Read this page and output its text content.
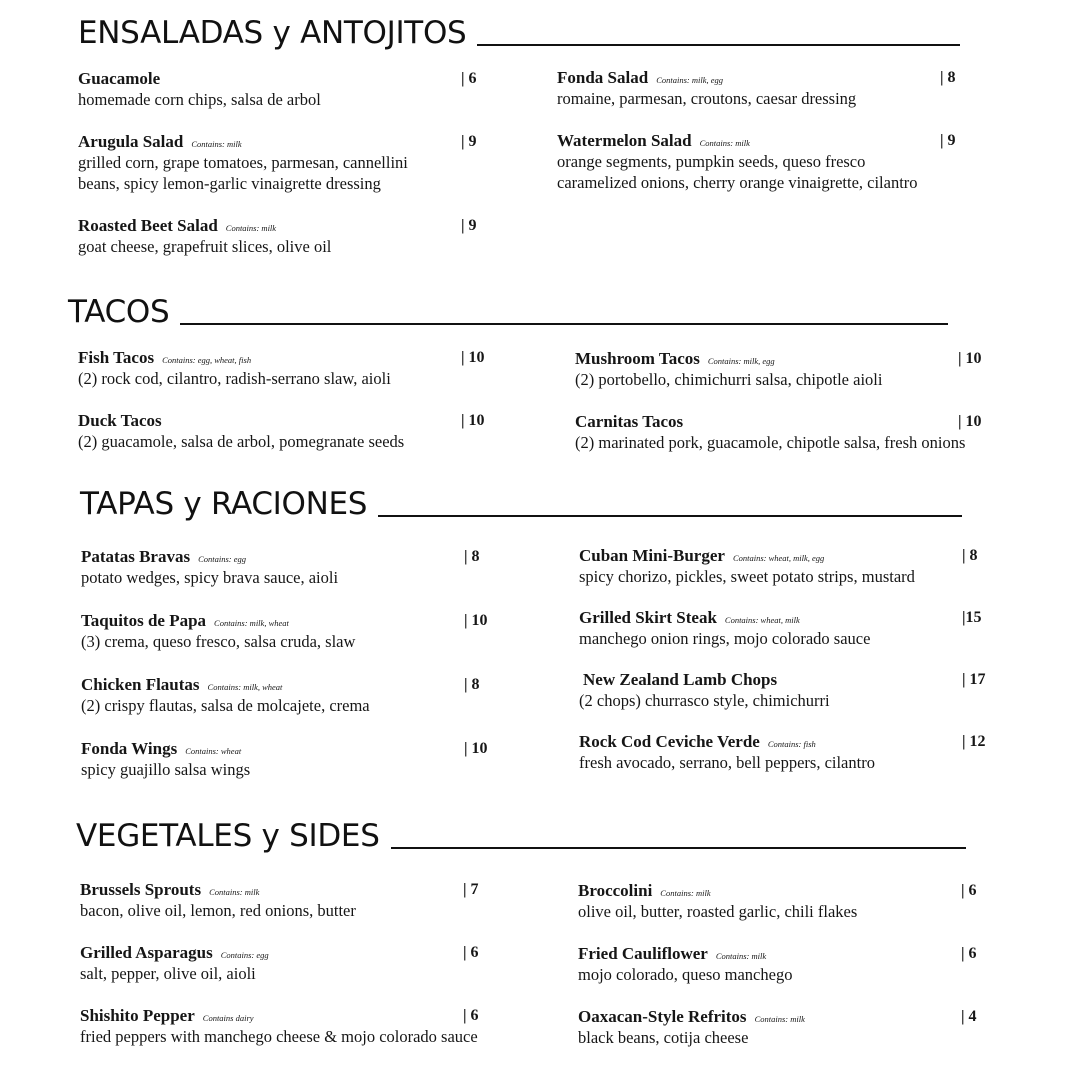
ENSALADAS y ANTOJITOS
Guacamole	| 6
homemade corn chips, salsa de arbol
Arugula Salad Contains: milk	| 9
grilled corn, grape tomatoes, parmesan, cannellini
beans, spicy lemon-garlic vinaigrette dressing
Roasted Beet Salad Contains: milk	| 9
goat cheese, grapefruit slices, olive oil
Fonda Salad Contains: milk, egg	| 8
romaine, parmesan, croutons, caesar dressing
Watermelon Salad Contains: milk	| 9
orange segments, pumpkin seeds, queso fresco
caramelized onions, cherry orange vinaigrette, cilantro
TACOS
Fish Tacos Contains: egg, wheat, fish	| 10
(2) rock cod, cilantro, radish-serrano slaw, aioli
Duck Tacos	| 10
(2) guacamole, salsa de arbol, pomegranate seeds
Mushroom Tacos Contains: milk, egg	| 10
(2) portobello, chimichurri salsa, chipotle aioli
Carnitas Tacos	| 10
(2) marinated pork, guacamole, chipotle salsa, fresh onions
TAPAS y RACIONES
Patatas Bravas Contains: egg	| 8
potato wedges, spicy brava sauce, aioli
Taquitos de Papa Contains: milk, wheat	| 10
(3) crema, queso fresco, salsa cruda, slaw
Chicken Flautas Contains: milk, wheat	| 8
(2) crispy flautas, salsa de molcajete, crema
Fonda Wings Contains: wheat	| 10
spicy guajillo salsa wings
Cuban Mini-Burger Contains: wheat, milk, egg	| 8
spicy chorizo, pickles, sweet potato strips, mustard
Grilled Skirt Steak Contains: wheat, milk	|15
manchego onion rings, mojo colorado sauce
New Zealand Lamb Chops	| 17
(2 chops) churrasco style, chimichurri
Rock Cod Ceviche Verde Contains: fish	| 12
fresh avocado, serrano, bell peppers, cilantro
VEGETALES y SIDES
Brussels Sprouts Contains: milk	| 7
bacon, olive oil, lemon, red onions, butter
Grilled Asparagus Contains: egg	| 6
salt, pepper, olive oil, aioli
Shishito Pepper Contains dairy	| 6
fried peppers with manchego cheese & mojo colorado sauce
Broccolini Contains: milk	| 6
olive oil, butter, roasted garlic, chili flakes
Fried Cauliflower Contains: milk	| 6
mojo colorado, queso manchego
Oaxacan-Style Refritos Contains: milk	| 4
black beans, cotija cheese
